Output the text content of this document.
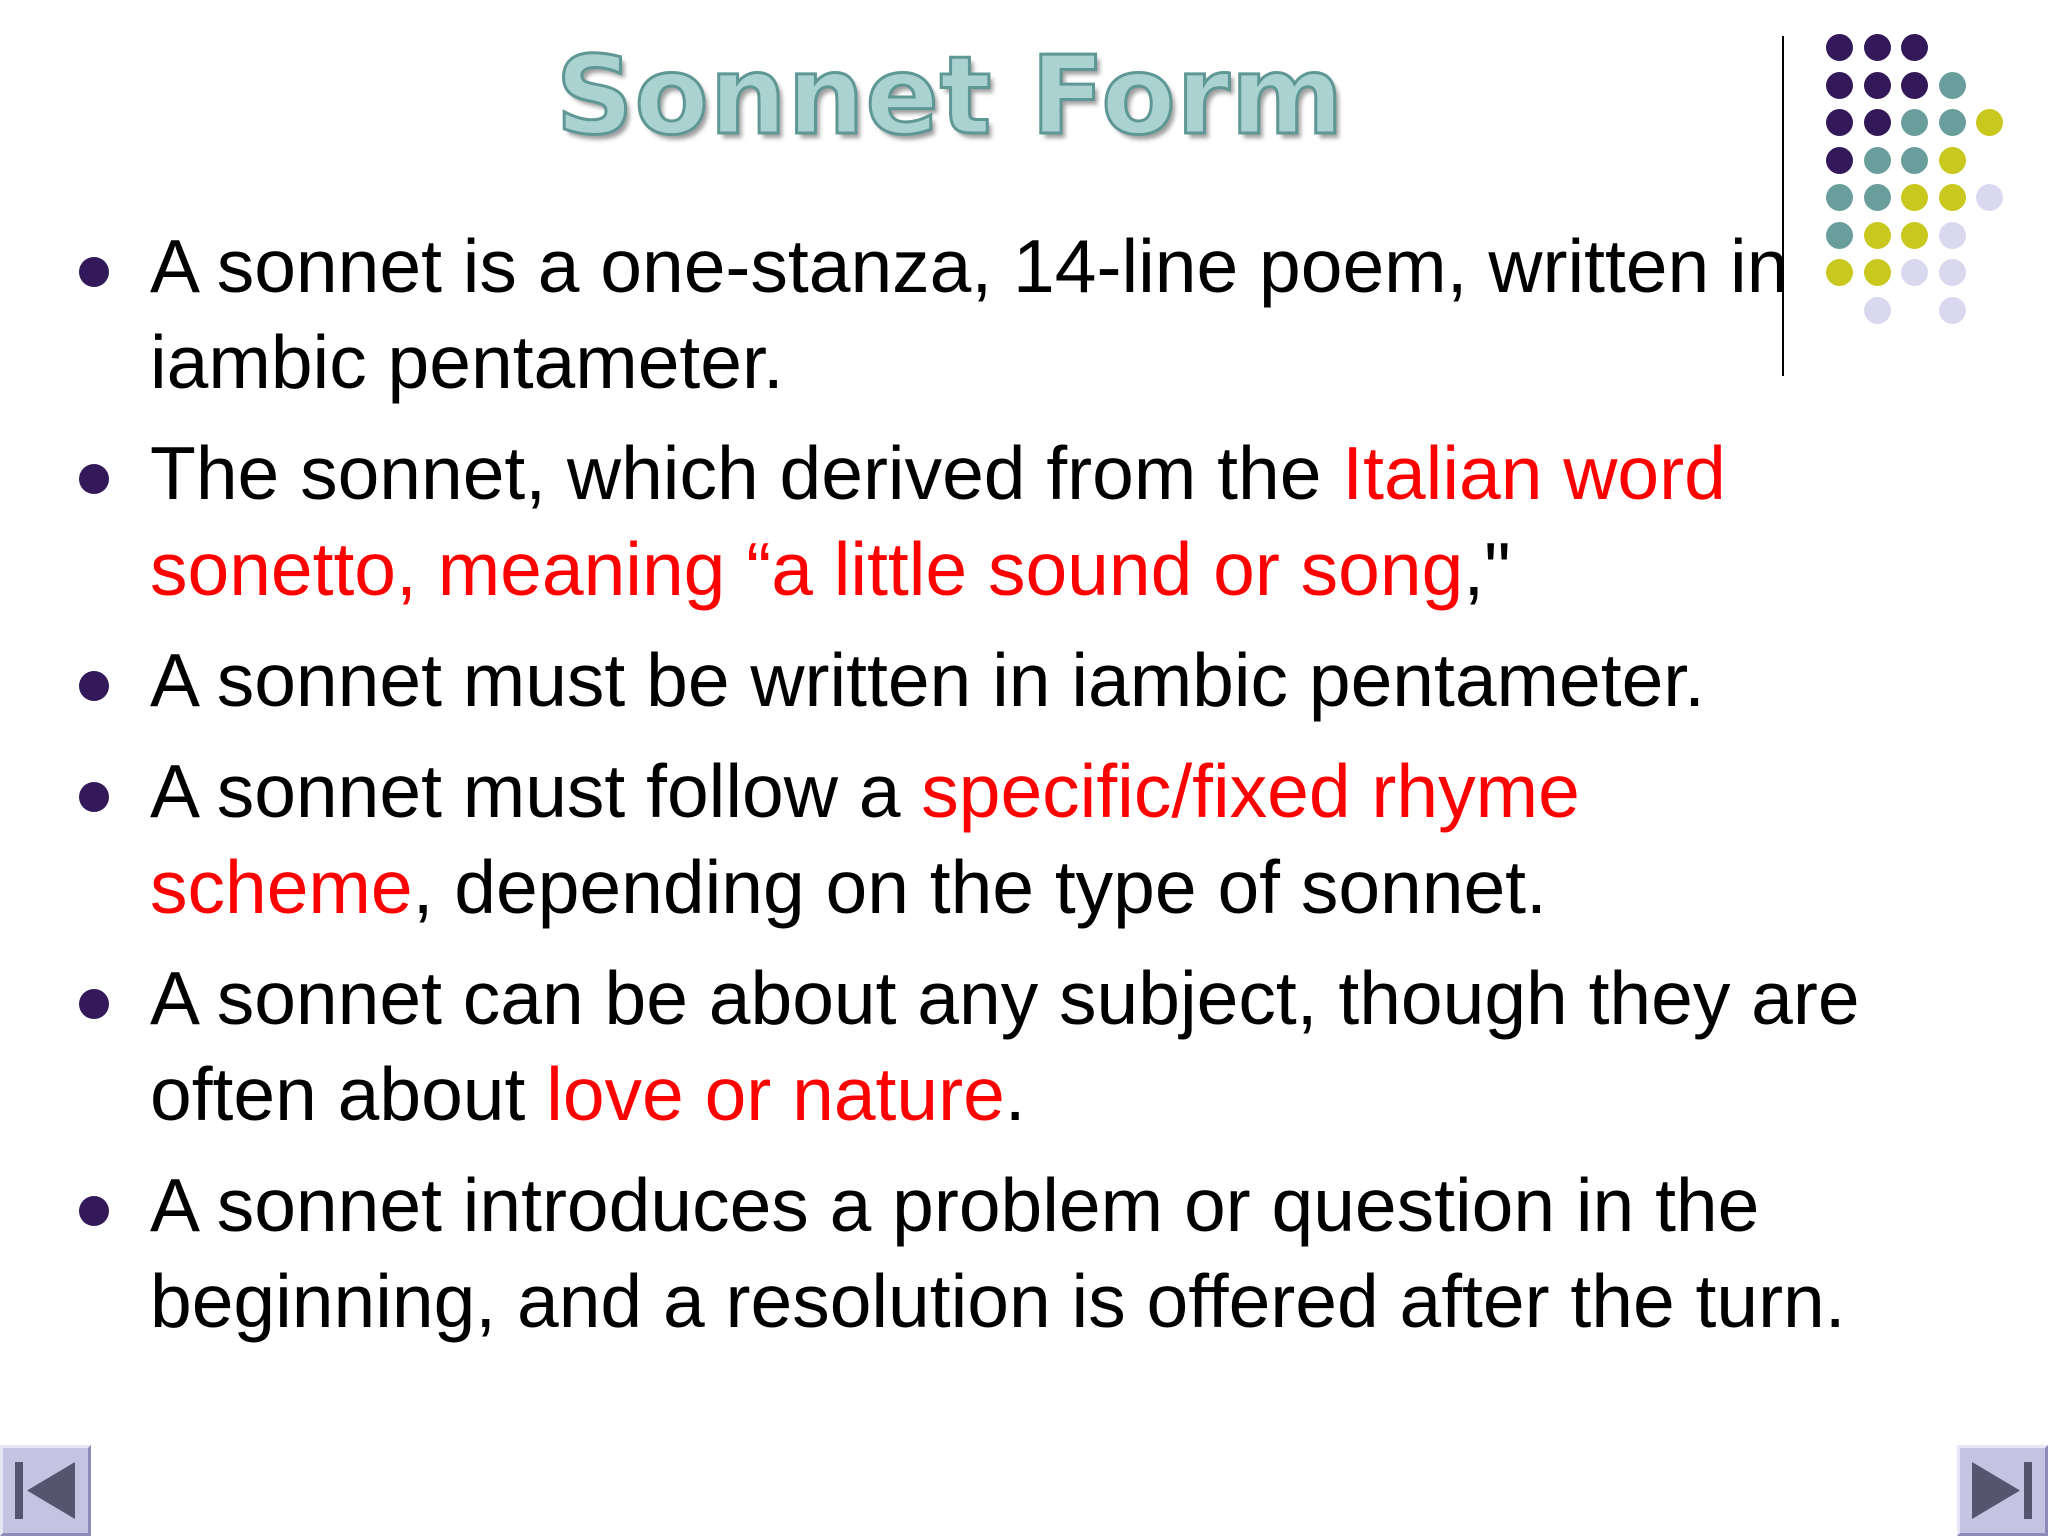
Sonnet Form
A sonnet is a one-stanza, 14-line poem, written in
iambic pentameter.
The sonnet, which derived from the Italian word
sonetto, meaning “a little sound or song,"
A sonnet must be written in iambic pentameter.
A sonnet must follow a specific/fixed rhyme
scheme, depending on the type of sonnet.
A sonnet can be about any subject, though they are
often about love or nature.
A sonnet introduces a problem or question in the
beginning, and a resolution is offered after the turn.
